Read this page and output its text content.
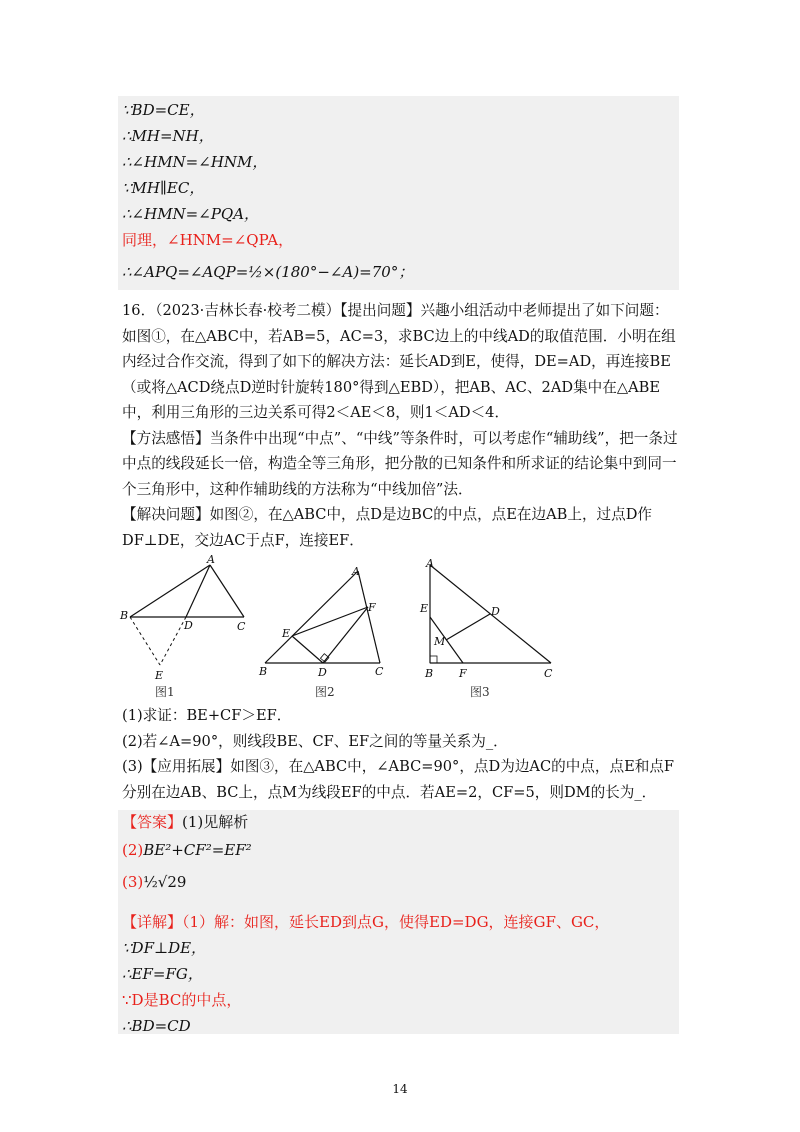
∵BD=CE，
∴MH=NH，
∴∠HMN=∠HNM，
∵MH∥EC，
∴∠HMN=∠PQA，
同理，∠HNM=∠QPA，
∴∠APQ=∠AQP=½×(180°−∠A)=70°；

16．（2023·吉林长春·校考二模）【提出问题】兴趣小组活动中老师提出了如下问题：如图①，在△ABC中，若AB=5，AC=3，求BC边上的中线AD的取值范围．小明在组内经过合作交流，得到了如下的解决方法：延长AD到E，使得，DE=AD，再连接BE（或将△ACD绕点D逆时针旋转180°得到△EBD），把AB、AC、2AD集中在△ABE中，利用三角形的三边关系可得2＜AE＜8，则1＜AD＜4．

【方法感悟】当条件中出现“中点”、“中线”等条件时，可以考虑作“辅助线”，把一条过中点的线段延长一倍，构造全等三角形，把分散的已知条件和所求证的结论集中到同一个三角形中，这种作辅助线的方法称为“中线加倍”法．

【解决问题】如图②，在△ABC中，点D是边BC的中点，点E在边AB上，过点D作DF⊥DE，交边AC于点F，连接EF．

A
B
C
D
E
图1
A
F
E
B	D	C
图2
A
E	D
M
B F	C
图3

(1)求证：BE+CF＞EF．

(2)若∠A=90°，则线段BE、CF、EF之间的等量关系为_．

(3)【应用拓展】如图③，在△ABC中，∠ABC=90°，点D为边AC的中点，点E和点F分别在边AB、BC上，点M为线段EF的中点．若AE=2，CF=5，则DM的长为_．

【答案】(1)见解析
(2)BE²+CF²=EF²
(3)½√29
【详解】（1）解：如图，延长ED到点G，使得ED=DG，连接GF、GC，
∵DF⊥DE，
∴EF=FG，
∵D是BC的中点，
∴BD=CD
14
